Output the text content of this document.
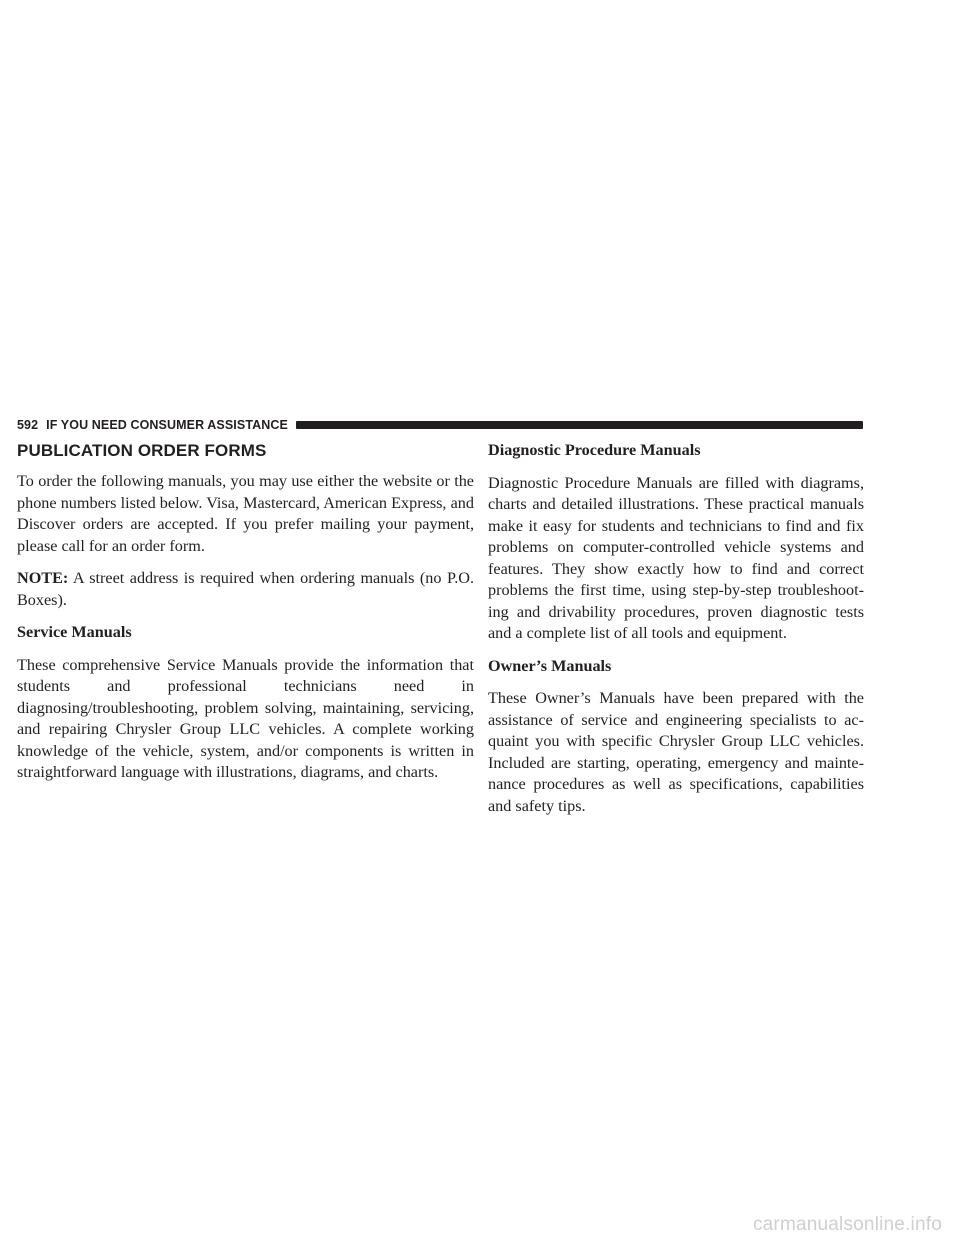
592 IF YOU NEED CONSUMER ASSISTANCE
PUBLICATION ORDER FORMS

To order the following manuals, you may use either the website or the phone numbers listed below. Visa, Mastercard, American Express, and Discover orders are accepted. If you prefer mailing your payment, please call for an order form.

NOTE: A street address is required when ordering manuals (no P.O. Boxes).

Service Manuals

These comprehensive Service Manuals provide the information that students and professional technicians need in diagnosing/troubleshooting, problem solving, maintaining, servicing, and repairing Chrysler Group LLC vehicles. A complete working knowledge of the vehicle, system, and/or components is written in straightforward language with illustrations, diagrams, and charts.

Diagnostic Procedure Manuals

Diagnostic Procedure Manuals are filled with diagrams, charts and detailed illustrations. These practical manuals make it easy for students and technicians to find and fix problems on computer-controlled vehicle systems and features. They show exactly how to find and correct problems the first time, using step-by-step troubleshooting and drivability procedures, proven diagnostic tests and a complete list of all tools and equipment.

Owner’s Manuals

These Owner’s Manuals have been prepared with the assistance of service and engineering specialists to acquaint you with specific Chrysler Group LLC vehicles. Included are starting, operating, emergency and maintenance procedures as well as specifications, capabilities and safety tips.

carmanualsonline.info
